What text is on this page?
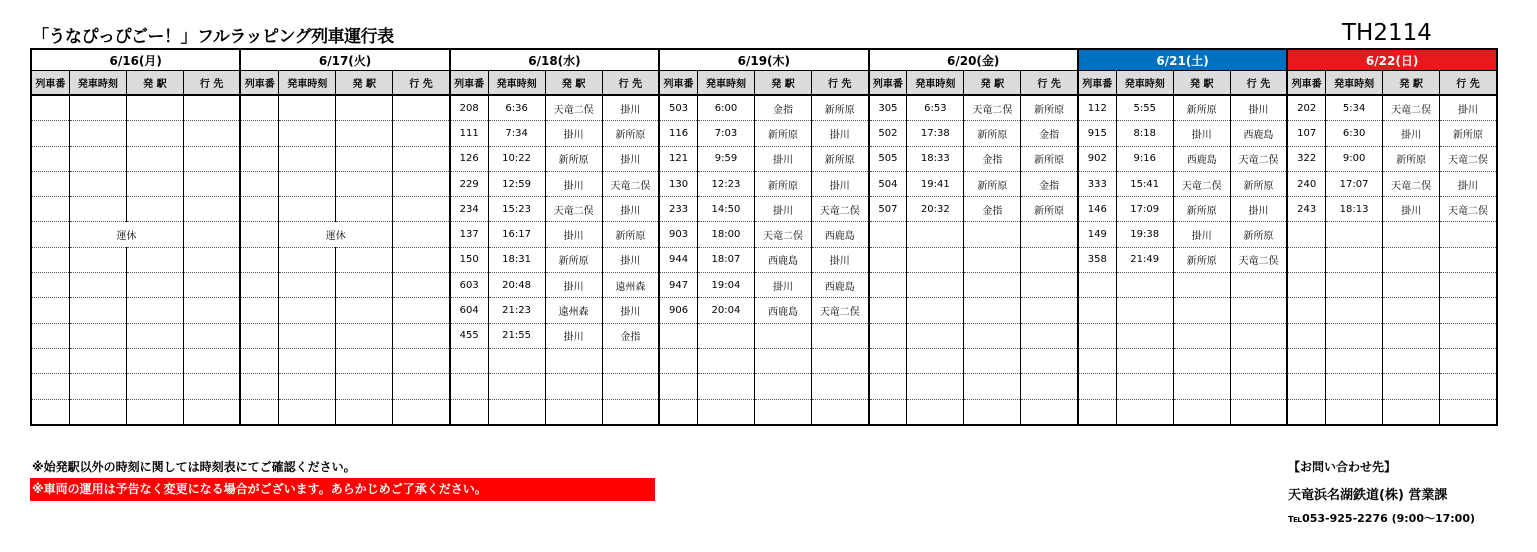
「うなぴっぴごー！」フルラッピング列車運行表	TH2114
6/16(月)				6/17(火)				6/18(水)				6/19(木)				6/20(金)				6/21(土)				6/22(日)			
列車番	発車時刻	発 駅	行 先	列車番	発車時刻	発 駅	行 先	列車番	発車時刻	発 駅	行 先	列車番	発車時刻	発 駅	行 先	列車番	発車時刻	発 駅	行 先	列車番	発車時刻	発 駅	行 先	列車番	発車時刻	発 駅	行 先
								208	6:36	天竜二俣	掛川	503	6:00	金指	新所原	305	6:53	天竜二俣	新所原	112	5:55	新所原	掛川	202	5:34	天竜二俣	掛川
								111	7:34	掛川	新所原	116	7:03	新所原	掛川	502	17:38	新所原	金指	915	8:18	掛川	西鹿島	107	6:30	掛川	新所原
								126	10:22	新所原	掛川	121	9:59	掛川	新所原	505	18:33	金指	新所原	902	9:16	西鹿島	天竜二俣	322	9:00	新所原	天竜二俣
								229	12:59	掛川	天竜二俣	130	12:23	新所原	掛川	504	19:41	新所原	金指	333	15:41	天竜二俣	新所原	240	17:07	天竜二俣	掛川
								234	15:23	天竜二俣	掛川	233	14:50	掛川	天竜二俣	507	20:32	金指	新所原	146	17:09	新所原	掛川	243	18:13	掛川	天竜二俣
	運休				運休			137	16:17	掛川	新所原	903	18:00	天竜二俣	西鹿島					149	19:38	掛川	新所原				
								150	18:31	新所原	掛川	944	18:07	西鹿島	掛川					358	21:49	新所原	天竜二俣				
								603	20:48	掛川	遠州森	947	19:04	掛川	西鹿島												
								604	21:23	遠州森	掛川	906	20:04	西鹿島	天竜二俣												
								455	21:55	掛川	金指																

※始発駅以外の時刻に関しては時刻表にてご確認ください。
※車両の運用は予告なく変更になる場合がございます。あらかじめご了承ください。
【お問い合わせ先】
天竜浜名湖鉄道(株) 営業課
℡053-925-2276 (9:00～17:00)
